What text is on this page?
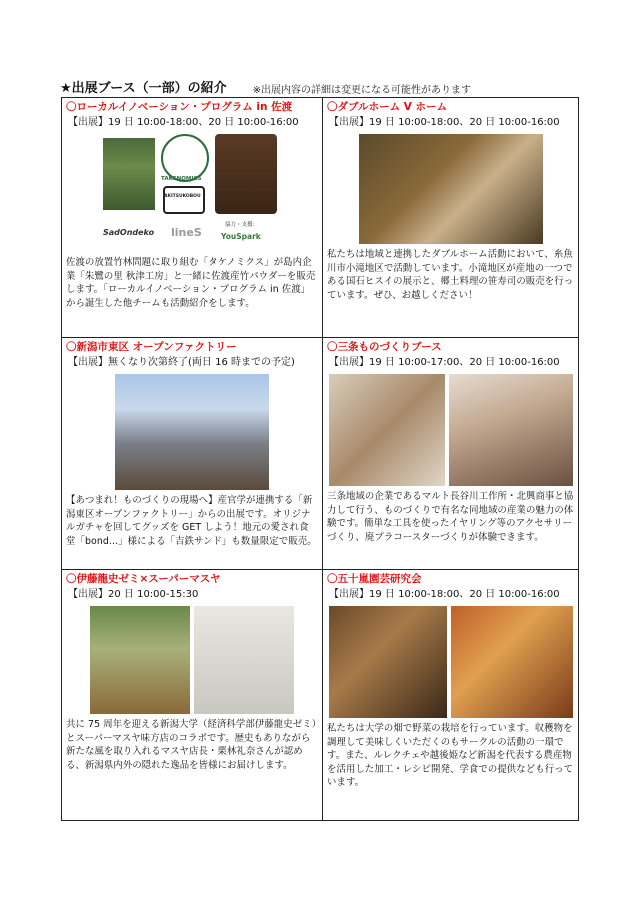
★出展ブース（一部）の紹介	※出展内容の詳細は変更になる可能性があります
〇ローカルイノベーション・プログラム in 佐渡
【出展】19 日 10:00-18:00、20 日 10:00-16:00
TAKENOMICS
AKITSUKOBOU
SadOndeko lineS
協力・支援：
YouSpark
佐渡の放置竹林問題に取り組む「タケノミクス」が島内企業「朱鷺の里 秋津工房」と一緒に佐渡産竹パウダーを販売します。「ローカルイノベーション・プログラム in 佐渡」から誕生した他チームも活動紹介をします。
〇ダブルホーム V ホーム
【出展】19 日 10:00-18:00、20 日 10:00-16:00
私たちは地域と連携したダブルホーム活動において、糸魚川市小滝地区で活動しています。小滝地区が産地の一つである国石ヒスイの展示と、郷土料理の笹寿司の販売を行っています。ぜひ、お越しください！
〇新潟市東区 オープンファクトリー
【出展】無くなり次第終了(両日 16 時までの予定)
【あつまれ！ものづくりの現場へ】産官学が連携する「新潟東区オープンファクトリー」からの出展です。オリジナルガチャを回してグッズを GET しよう！地元の愛され食堂「bond...」様による「吉鉄サンド」も数量限定で販売。
〇三条ものづくりブース
【出展】19 日 10:00-17:00、20 日 10:00-16:00
三条地域の企業であるマルト長谷川工作所・北興商事と協力して行う、ものづくりで有名な同地域の産業の魅力の体験です。簡単な工具を使ったイヤリング等のアクセサリーづくり、廃プラコースターづくりが体験できます。
〇伊藤龍史ゼミ×スーパーマスヤ
【出展】20 日 10:00-15:30
共に 75 周年を迎える新潟大学（経済科学部伊藤龍史ゼミ）とスーパーマスヤ味方店のコラボです。歴史もありながら新たな風を取り入れるマスヤ店長・栗林礼奈さんが認める、新潟県内外の隠れた逸品を皆様にお届けします。
〇五十嵐園芸研究会
【出展】19 日 10:00-18:00、20 日 10:00-16:00
私たちは大学の畑で野菜の栽培を行っています。収穫物を調理して美味しくいただくのもサークルの活動の一環です。また、ルレクチェや越後姫など新潟を代表する農産物を活用した加工・レシピ開発、学食での提供なども行っています。
